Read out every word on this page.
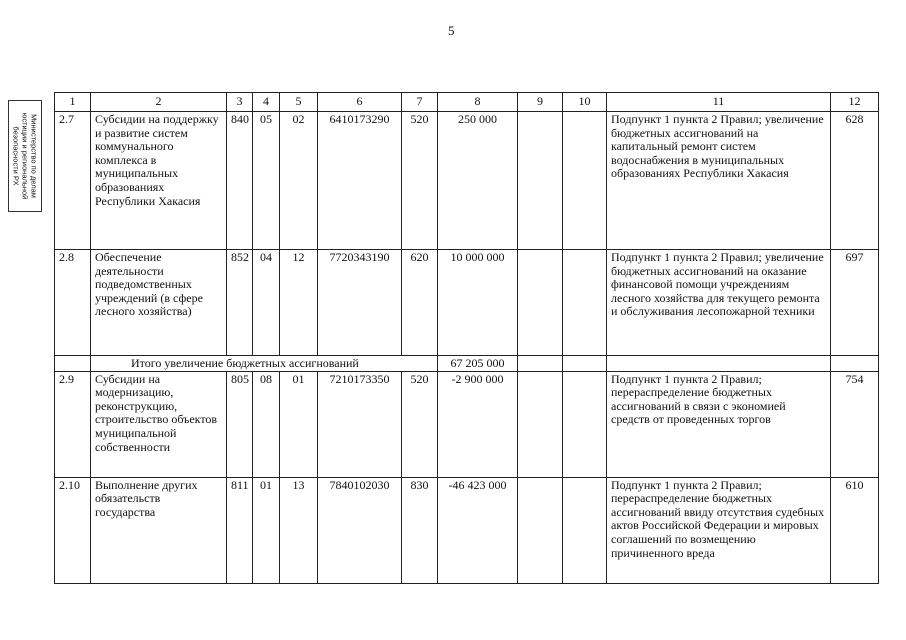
5
Министерство по делам
юстиции и региональной
безопасности РХ
1	2	3	4	5	6	7	8	9	10	11	12
2.7	Субсидии на поддержку и развитие систем коммунального комплекса в муниципальных образованиях Республики Хакасия	840	05	02	6410173290	520	250 000			Подпункт 1 пункта 2 Правил; увеличение бюджетных ассигнований на капитальный ремонт систем водоснабжения в муниципальных образованиях Республики Хакасия	628
2.8	Обеспечение деятельности подведомственных учреждений (в сфере лесного хозяйства)	852	04	12	7720343190	620	10 000 000			Подпункт 1 пункта 2 Правил; увеличение бюджетных ассигнований на оказание финансовой помощи учреждениям лесного хозяйства для текущего ремонта и обслуживания лесопожарной техники	697
	Итого увеличение бюджетных ассигнований						67 205 000				
2.9	Субсидии на модернизацию, реконструкцию, строительство объектов муниципальной собственности	805	08	01	7210173350	520	-2 900 000			Подпункт 1 пункта 2 Правил; перераспределение бюджетных ассигнований в связи с экономией средств от проведенных торгов	754
2.10	Выполнение других обязательств государства	811	01	13	7840102030	830	-46 423 000			Подпункт 1 пункта 2 Правил; перераспределение бюджетных ассигнований ввиду отсутствия судебных актов Российской Федерации и мировых соглашений по возмещению причиненного вреда	610
